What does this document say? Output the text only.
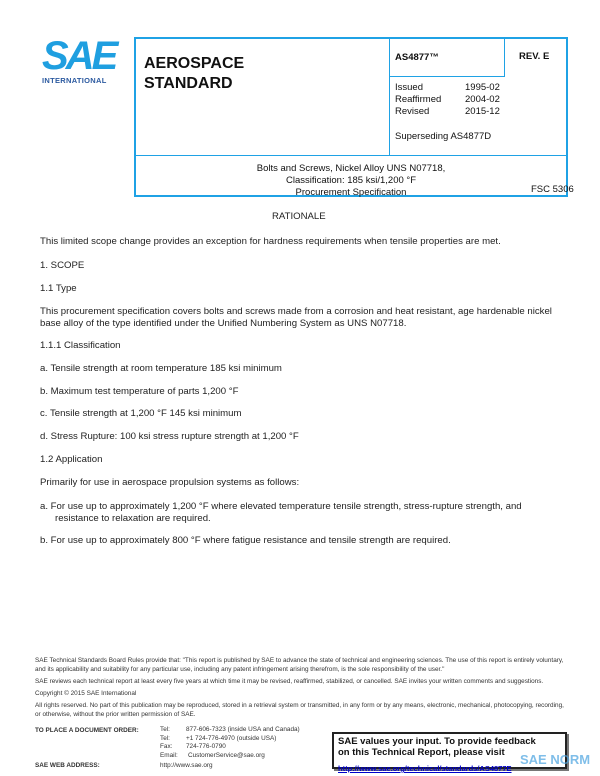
SAE
INTERNATIONAL
AEROSPACE
STANDARD
AS4877™	REV. E
Issued	1995-02
Reaffirmed 2004-02
Revised	2015-12
Superseding AS4877D
Bolts and Screws, Nickel Alloy UNS N07718,
Classification: 185 ksi/1,200 °F
Procurement Specification	FSC 5306
RATIONALE
This limited scope change provides an exception for hardness requirements when tensile properties are met.
1. SCOPE
1.1 Type
This procurement specification covers bolts and screws made from a corrosion and heat resistant, age hardenable nickel
base alloy of the type identified under the Unified Numbering System as UNS N07718.
1.1.1 Classification
a. Tensile strength at room temperature 185 ksi minimum
b. Maximum test temperature of parts 1,200 °F
c. Tensile strength at 1,200 °F 145 ksi minimum
d. Stress Rupture: 100 ksi stress rupture strength at 1,200 °F
1.2 Application
Primarily for use in aerospace propulsion systems as follows:
a. For use up to approximately 1,200 °F where elevated temperature tensile strength, stress-rupture strength, and
resistance to relaxation are required.
b. For use up to approximately 800 °F where fatigue resistance and tensile strength are required.
SAE Technical Standards Board Rules provide that: "This report is published by SAE to advance the state of technical and engineering sciences. The use of this report is entirely voluntary, and its applicability and suitability for any particular use, including any patent infringement arising therefrom, is the sole responsibility of the user."
SAE reviews each technical report at least every five years at which time it may be revised, reaffirmed, stabilized, or cancelled. SAE invites your written comments and suggestions.
Copyright © 2015 SAE International
All rights reserved. No part of this publication may be reproduced, stored in a retrieval system or transmitted, in any form or by any means, electronic, mechanical, photocopying, recording, or otherwise, without the prior written permission of SAE.
TO PLACE A DOCUMENT ORDER:	Tel:	877-606-7323 (inside USA and Canada)
Tel:	+1 724-776-4970 (outside USA)
Fax: 724-776-0790
Email: CustomerService@sae.org
SAE WEB ADDRESS:	http://www.sae.org
SAE values your input. To provide feedback
on this Technical Report, please visit
http://www.sae.org/technical/standards/AS4877E
SAE NORM
